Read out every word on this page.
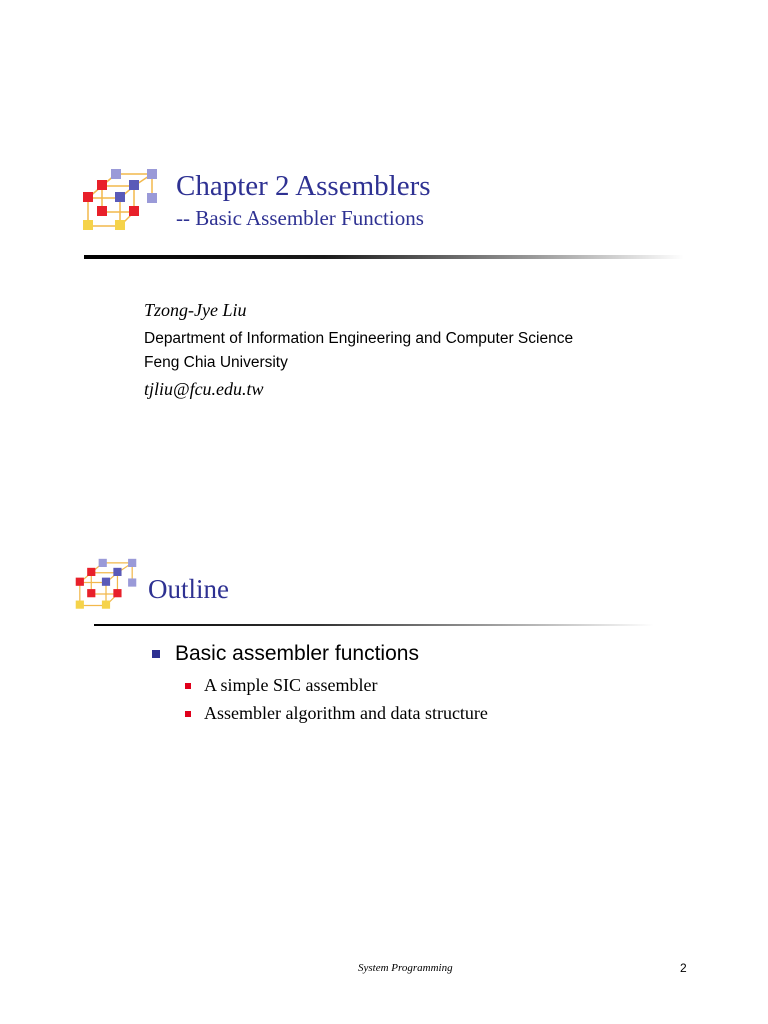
Chapter 2 Assemblers
-- Basic Assembler Functions
Tzong-Jye Liu
Department of Information Engineering and Computer Science
Feng Chia University
tjliu@fcu.edu.tw
Outline
Basic assembler functions
A simple SIC assembler
Assembler algorithm and data structure
System Programming	2
